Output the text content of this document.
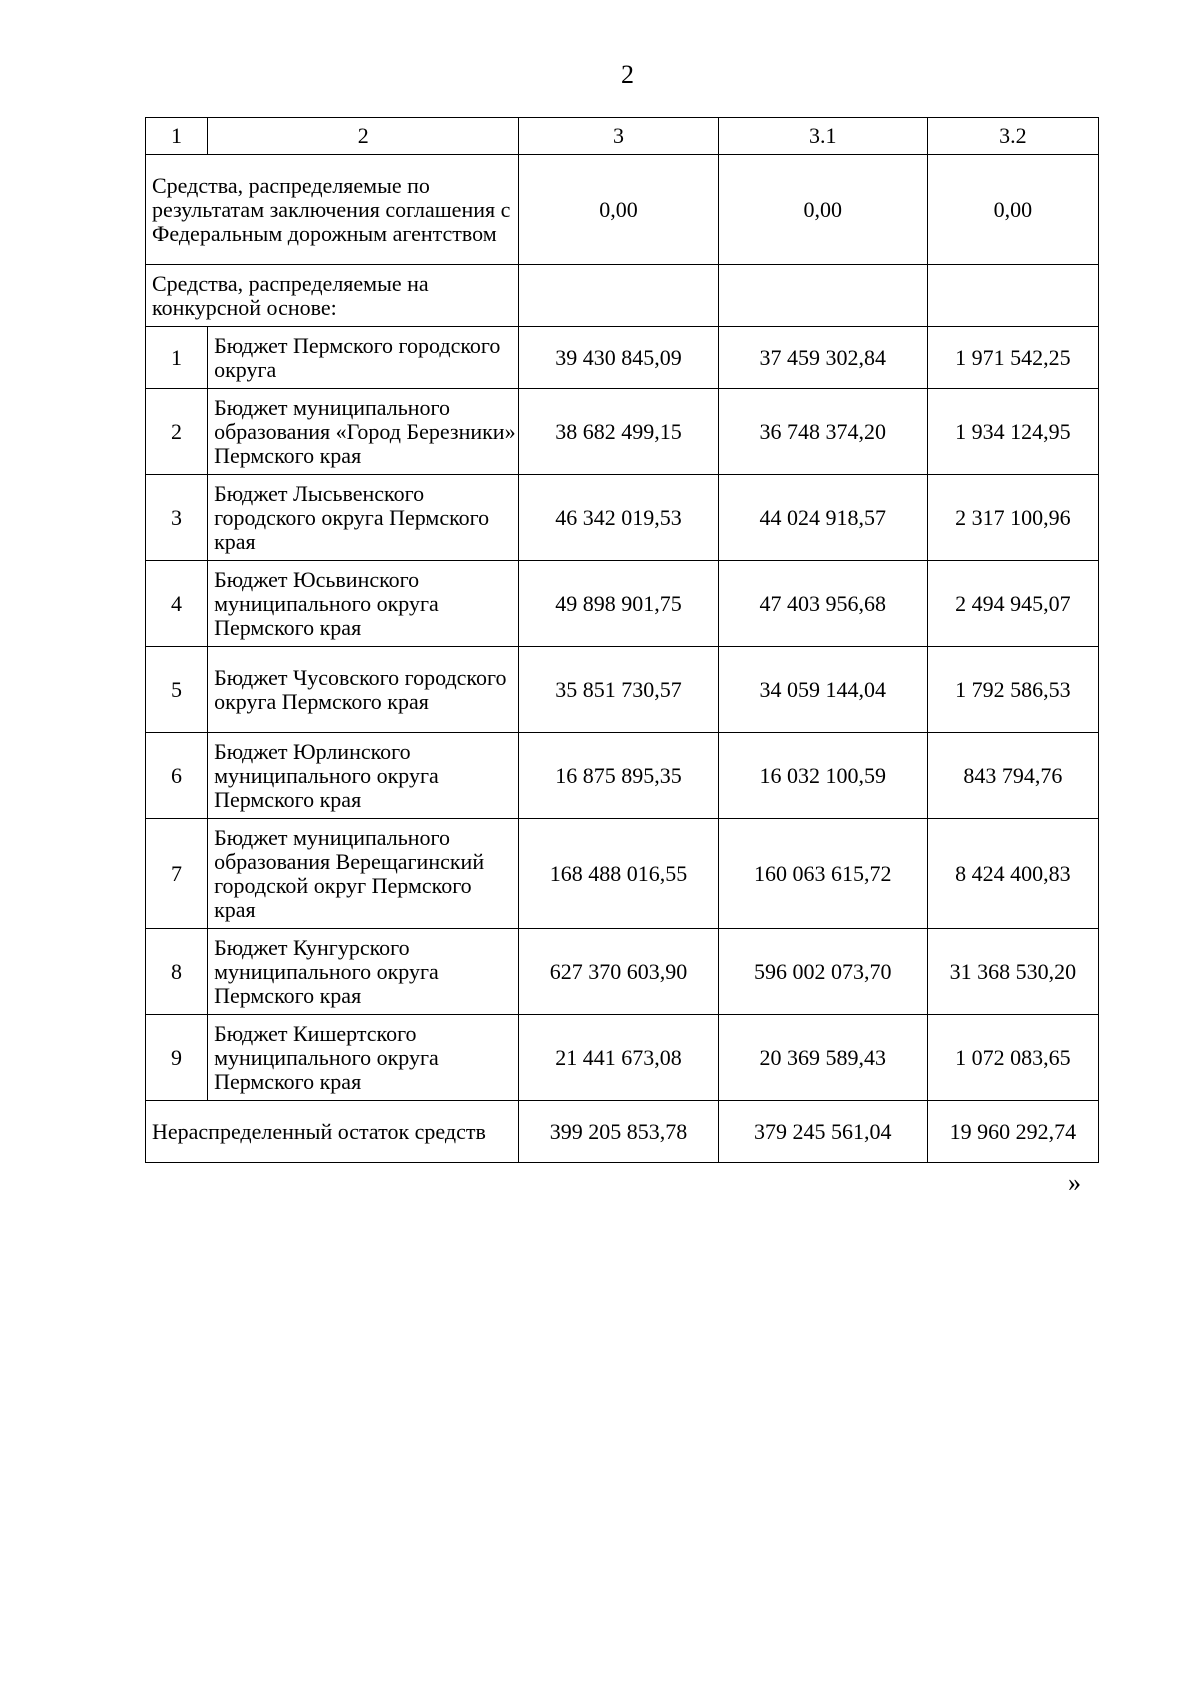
2
1	2	3	3.1	3.2
Средства, распределяемые по результатам заключения соглашения с Федеральным дорожным агентством		0,00	0,00	0,00
Средства, распределяемые на конкурсной основе:				
1	Бюджет Пермского городского округа	39 430 845,09	37 459 302,84	1 971 542,25
2	Бюджет муниципального образования «Город Березники» Пермского края	38 682 499,15	36 748 374,20	1 934 124,95
3	Бюджет Лысьвенского городского округа Пермского края	46 342 019,53	44 024 918,57	2 317 100,96
4	Бюджет Юсьвинского муниципального округа Пермского края	49 898 901,75	47 403 956,68	2 494 945,07
5	Бюджет Чусовского городского округа Пермского края	35 851 730,57	34 059 144,04	1 792 586,53
6	Бюджет Юрлинского муниципального округа Пермского края	16 875 895,35	16 032 100,59	843 794,76
7	Бюджет муниципального образования Верещагинский городской округ Пермского края	168 488 016,55	160 063 615,72	8 424 400,83
8	Бюджет Кунгурского муниципального округа Пермского края	627 370 603,90	596 002 073,70	31 368 530,20
9	Бюджет Кишертского муниципального округа Пермского края	21 441 673,08	20 369 589,43	1 072 083,65
Нераспределенный остаток средств		399 205 853,78	379 245 561,04	19 960 292,74
»
